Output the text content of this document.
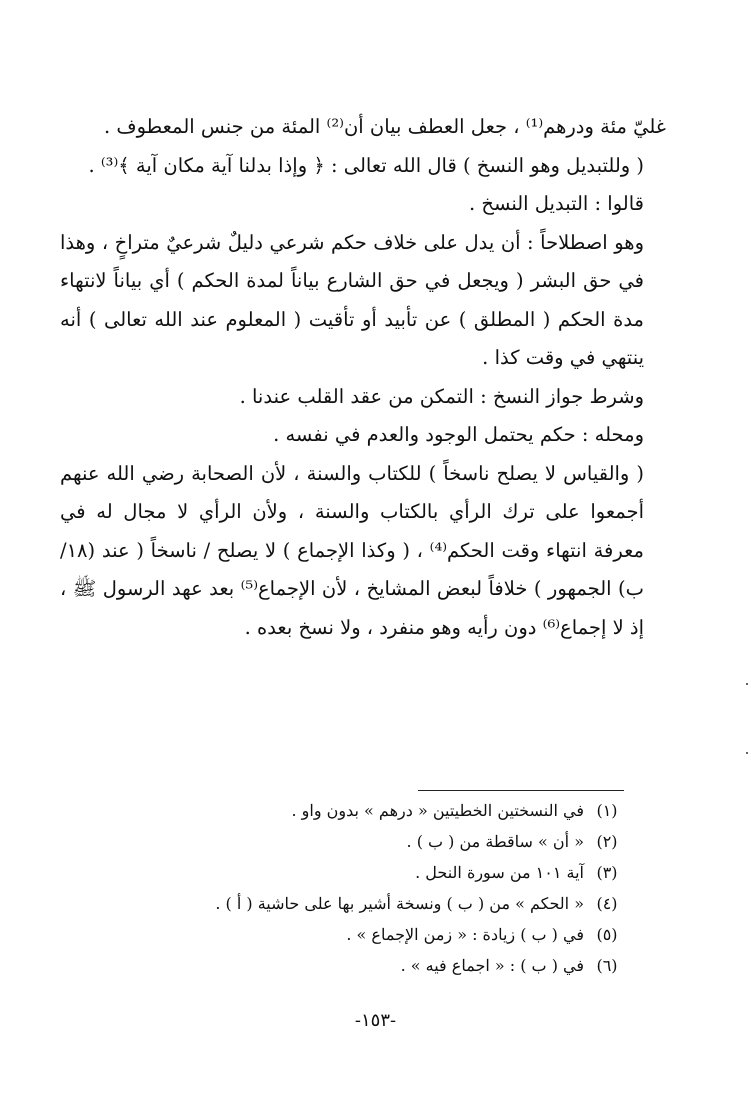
غليّ مئة ودرهم⁽¹⁾ ، جعل العطف بيان أن⁽²⁾ المئة من جنس المعطوف .

( وللتبديل وهو النسخ ) قال الله تعالى : ﴿ وإذا بدلنا آية مكان آية ﴾⁽³⁾ .

قالوا : التبديل النسخ .

وهو اصطلاحاً : أن يدل على خلاف حكم شرعي دليلٌ شرعيٌ متراخٍ ، وهذا في حق البشر ( ويجعل في حق الشارع بياناً لمدة الحكم ) أي بياناً لانتهاء مدة الحكم ( المطلق ) عن تأبيد أو تأقيت ( المعلوم عند الله تعالى ) أنه ينتهي في وقت كذا .

وشرط جواز النسخ : التمكن من عقد القلب عندنا .

ومحله : حكم يحتمل الوجود والعدم في نفسه .

( والقياس لا يصلح ناسخاً ) للكتاب والسنة ، لأن الصحابة رضي الله عنهم أجمعوا على ترك الرأي بالكتاب والسنة ، ولأن الرأي لا مجال له في معرفة انتهاء وقت الحكم⁽⁴⁾ ، ( وكذا الإجماع ) لا يصلح / ناسخاً ( عند (١٨/ب) الجمهور ) خلافاً لبعض المشايخ ، لأن الإجماع⁽⁵⁾ بعد عهد الرسول ﷺ ، إذ لا إجماع⁽⁶⁾ دون رأيه وهو منفرد ، ولا نسخ بعده .

(١)
في النسختين الخطيتين « درهم » بدون واو .
(٢)
« أن » ساقطة من ( ب ) .
(٣)
آية ١٠١ من سورة النحل .
(٤)
« الحكم » من ( ب ) ونسخة أشير بها على حاشية ( أ ) .
(٥)
في ( ب ) زيادة : « زمن الإجماع » .
(٦)
في ( ب ) : « اجماع فيه » .
-١٥٣-
